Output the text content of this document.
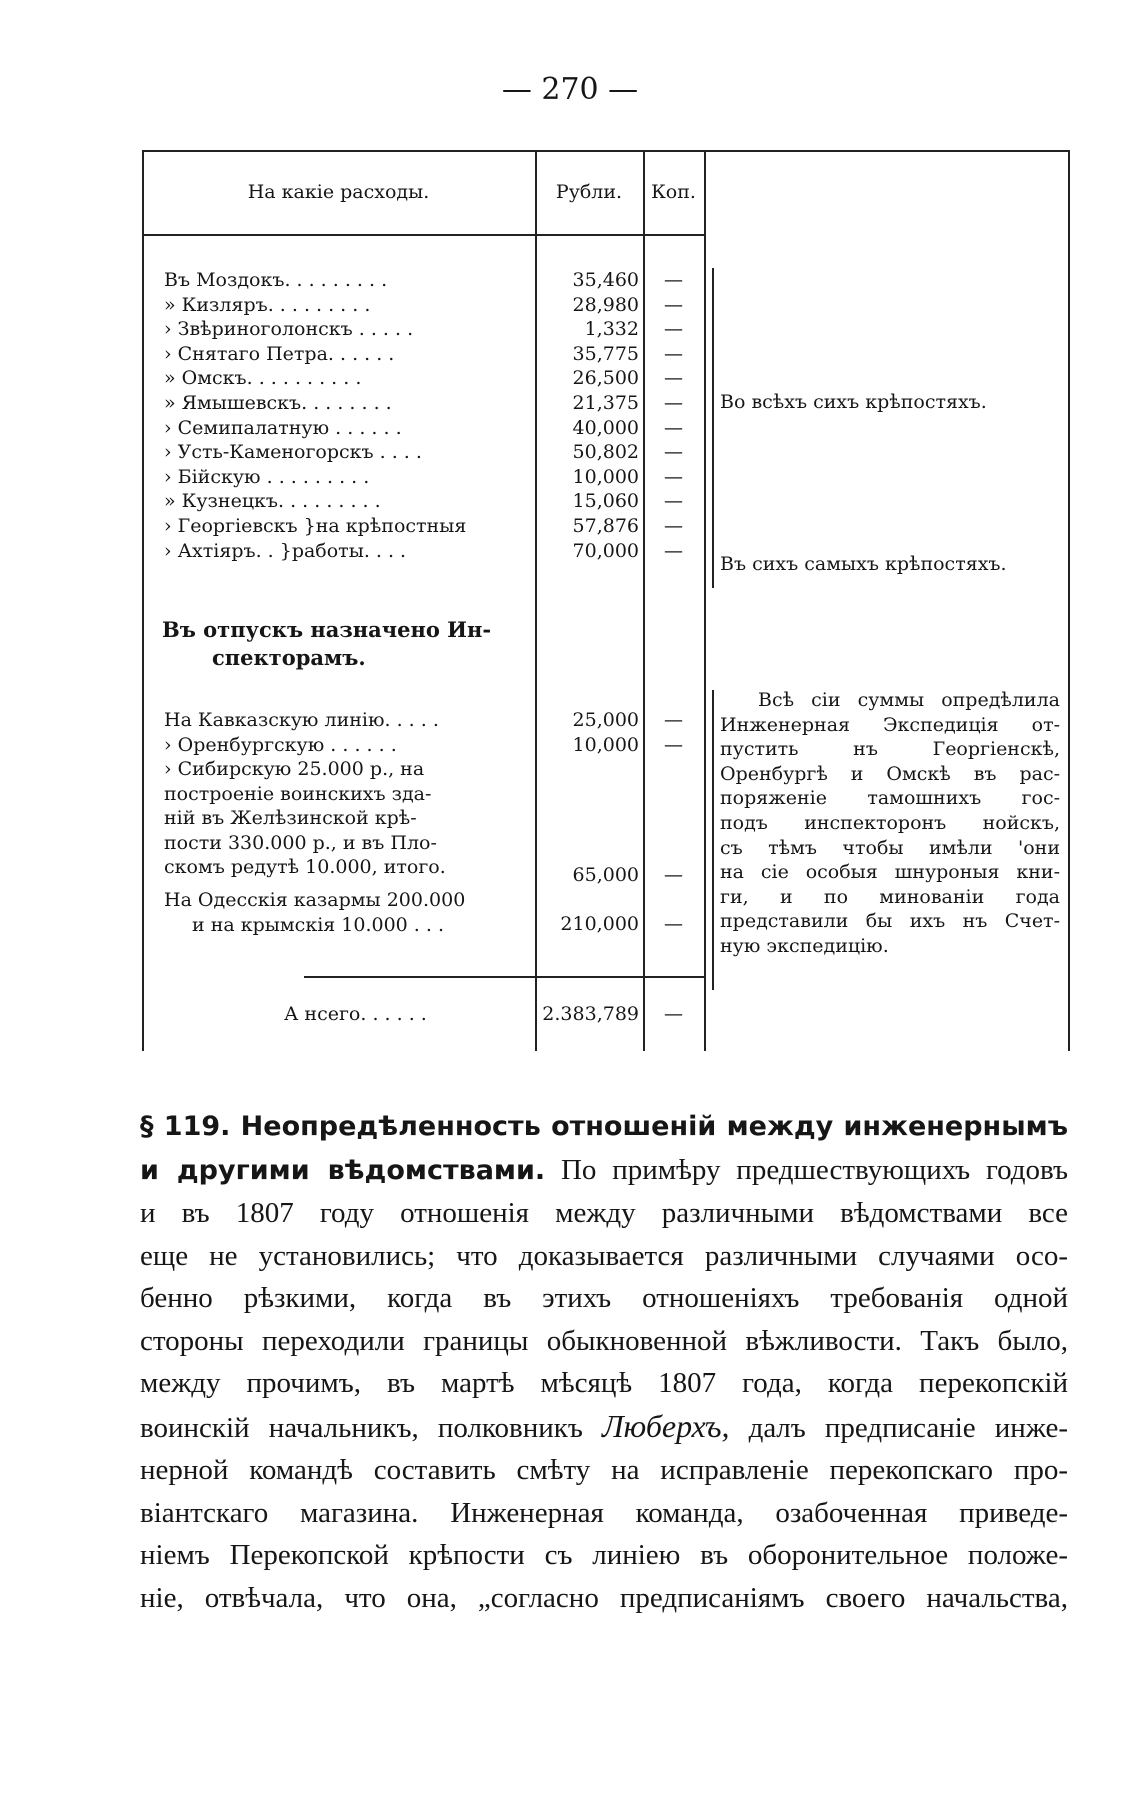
— 270 —
На какіе расходы.	Рубли.	Коп.
Въ Моздокъ. . . . . . . . .	35,460	—
» Кизляръ. . . . . . . . .	28,980	—
› Звѣриноголонскъ . . . . .	1,332	—
› Снятаго Петра. . . . . .	35,775	—
» Омскъ. . . . . . . . . .	26,500	—
» Ямышевскъ. . . . . . . .	21,375	—
› Семипалатную . . . . . .	40,000	—
› Усть-Каменогорскъ . . . .	50,802	—
› Бійскую . . . . . . . . .	10,000	—
» Кузнецкъ. . . . . . . . .	15,060	—
› Георгіевскъ }на крѣпостныя	57,876	—
› Ахтіяръ. . }работы. . . .	70,000	—
Во всѣхъ сихъ крѣпостяхъ.
Въ сихъ самыхъ крѣпостяхъ.
Въ отпускъ назначено Ин-
спекторамъ.
На Кавказскую линію. . . . .	25,000	—
› Оренбургскую . . . . . .	10,000	—
› Сибирскую 25.000 р., на
построеніе воинскихъ зда-
ній въ Желѣзинской крѣ-
пости 330.000 р., и въ Пло-
скомъ редутѣ 10.000, итого.	65,000	—
На Одесскія казармы 200.000
и на крымскія 10.000 . . .	210,000	—
Всѣ сіи суммы опредѣлила
Инженерная Экспедиція от-
пустить нъ Георгіенскѣ,
Оренбургѣ и Омскѣ въ рас-
поряженіе тамошнихъ гос-
подъ инспекторонъ нойскъ,
съ тѣмъ чтобы имѣли 'они
на сіе особыя шнуроныя кни-
ги, и по минованіи года
представили бы ихъ нъ Счет-
ную экспедицію.
А нсего. . . . . .	2.383,789	—
§ 119. Неопредѣленность отношеній между инженернымъ
и другими вѣдомствами. По примѣру предшествующихъ годовъ
и въ 1807 году отношенія между различными вѣдомствами все
еще не установились; что доказывается различными случаями осо-
бенно рѣзкими, когда въ этихъ отношеніяхъ требованія одной
стороны переходили границы обыкновенной вѣжливости. Такъ было,
между прочимъ, въ мартѣ мѣсяцѣ 1807 года, когда перекопскій
воинскій начальникъ, полковникъ Люберхъ, дaлъ предписаніе инже-
нерной командѣ составить смѣту на исправленіе перекопскаго про-
віантскаго магазина. Инженерная команда, озабоченная приведе-
ніемъ Перекопской крѣпости съ линіею въ оборонительное положе-
ніе, отвѣчала, что она, „согласно предписаніямъ своего начальства,
